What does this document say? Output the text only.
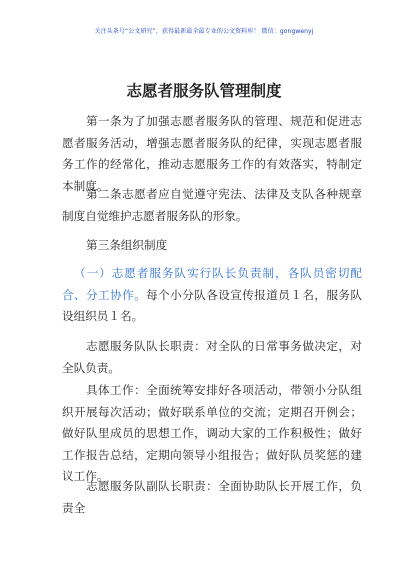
关注头条号“公文研究”，获得最新最全最专业的公文资料库！ 微信：gongwenyj
志愿者服务队管理制度

第一条为了加强志愿者服务队的管理、规范和促进志愿者服务活动，增强志愿者服务队的纪律，实现志愿者服务工作的经常化，推动志愿服务工作的有效落实，特制定本制度。

第二条志愿者应自觉遵守宪法、法律及支队各种规章制度自觉维护志愿者服务队的形象。

第三条组织制度

（一）志愿者服务队实行队长负责制，各队员密切配合、分工协作。每个小分队各设宣传报道员１名，服务队设组织员１名。

志愿服务队队长职责：对全队的日常事务做决定，对全队负责。

具体工作：全面统筹安排好各项活动，带领小分队组织开展每次活动；做好联系单位的交流；定期召开例会；做好队里成员的思想工作，调动大家的工作积极性；做好工作报告总结，定期向领导小组报告；做好队员奖惩的建议工作。

志愿服务队副队长职责：全面协助队长开展工作，负责全
